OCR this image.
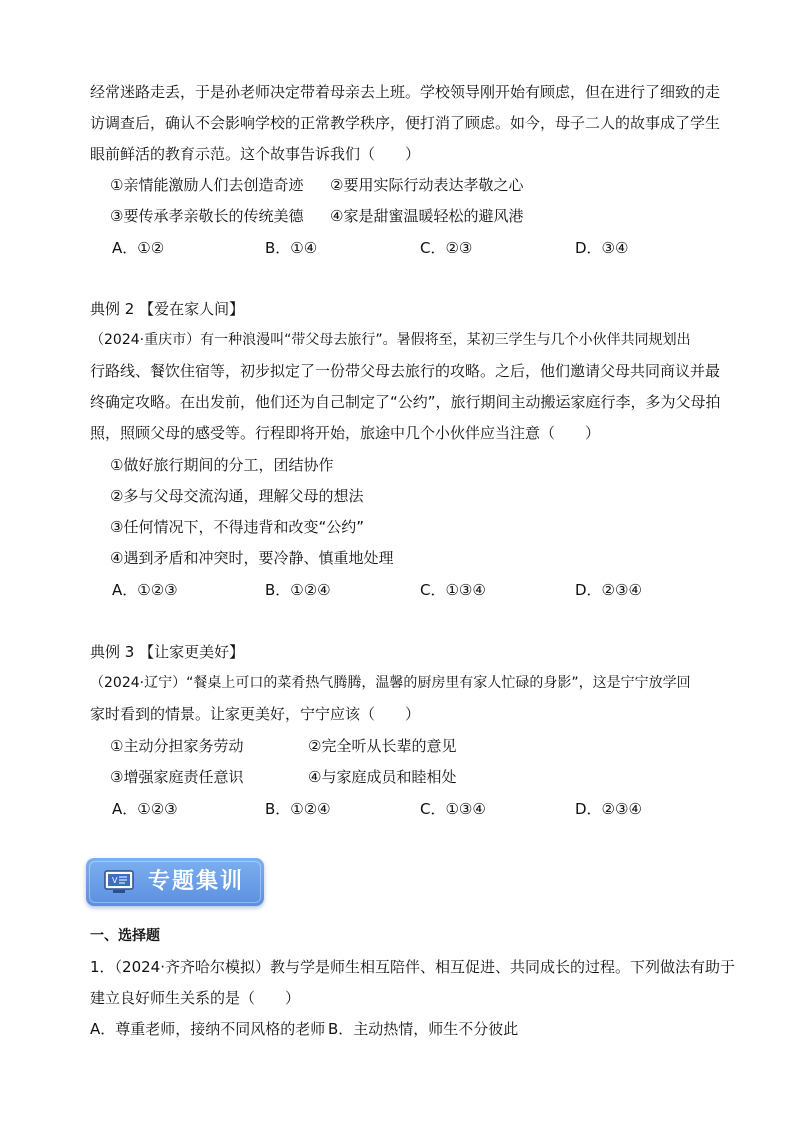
经常迷路走丢，于是孙老师决定带着母亲去上班。学校领导刚开始有顾虑，但在进行了细致的走
访调查后，确认不会影响学校的正常教学秩序，便打消了顾虑。如今，母子二人的故事成了学生
眼前鲜活的教育示范。这个故事告诉我们（　　）
①亲情能激励人们去创造奇迹 ②要用实际行动表达孝敬之心
③要传承孝亲敬长的传统美德 ④家是甜蜜温暖轻松的避风港
A．①②	B．①④	C．②③	D．③④
典例 2 【爱在家人间】
（2024·重庆市）有一种浪漫叫“带父母去旅行”。暑假将至，某初三学生与几个小伙伴共同规划出
行路线、餐饮住宿等，初步拟定了一份带父母去旅行的攻略。之后，他们邀请父母共同商议并最
终确定攻略。在出发前，他们还为自己制定了“公约”，旅行期间主动搬运家庭行李，多为父母拍
照，照顾父母的感受等。行程即将开始，旅途中几个小伙伴应当注意（　　）
①做好旅行期间的分工，团结协作
②多与父母交流沟通，理解父母的想法
③任何情况下，不得违背和改变“公约”
④遇到矛盾和冲突时，要冷静、慎重地处理
A．①②③	B．①②④	C．①③④	D．②③④
典例 3 【让家更美好】
（2024·辽宁）“餐桌上可口的菜肴热气腾腾，温馨的厨房里有家人忙碌的身影”，这是宁宁放学回
家时看到的情景。让家更美好，宁宁应该（　　）
①主动分担家务劳动	②完全听从长辈的意见
③增强家庭责任意识	④与家庭成员和睦相处
A．①②③	B．①②④	C．①③④	D．②③④
V 专题集训
一、选择题
1．（2024·齐齐哈尔模拟）教与学是师生相互陪伴、相互促进、共同成长的过程。下列做法有助于
建立良好师生关系的是（　　）
A．尊重老师，接纳不同风格的老师 B．主动热情，师生不分彼此
